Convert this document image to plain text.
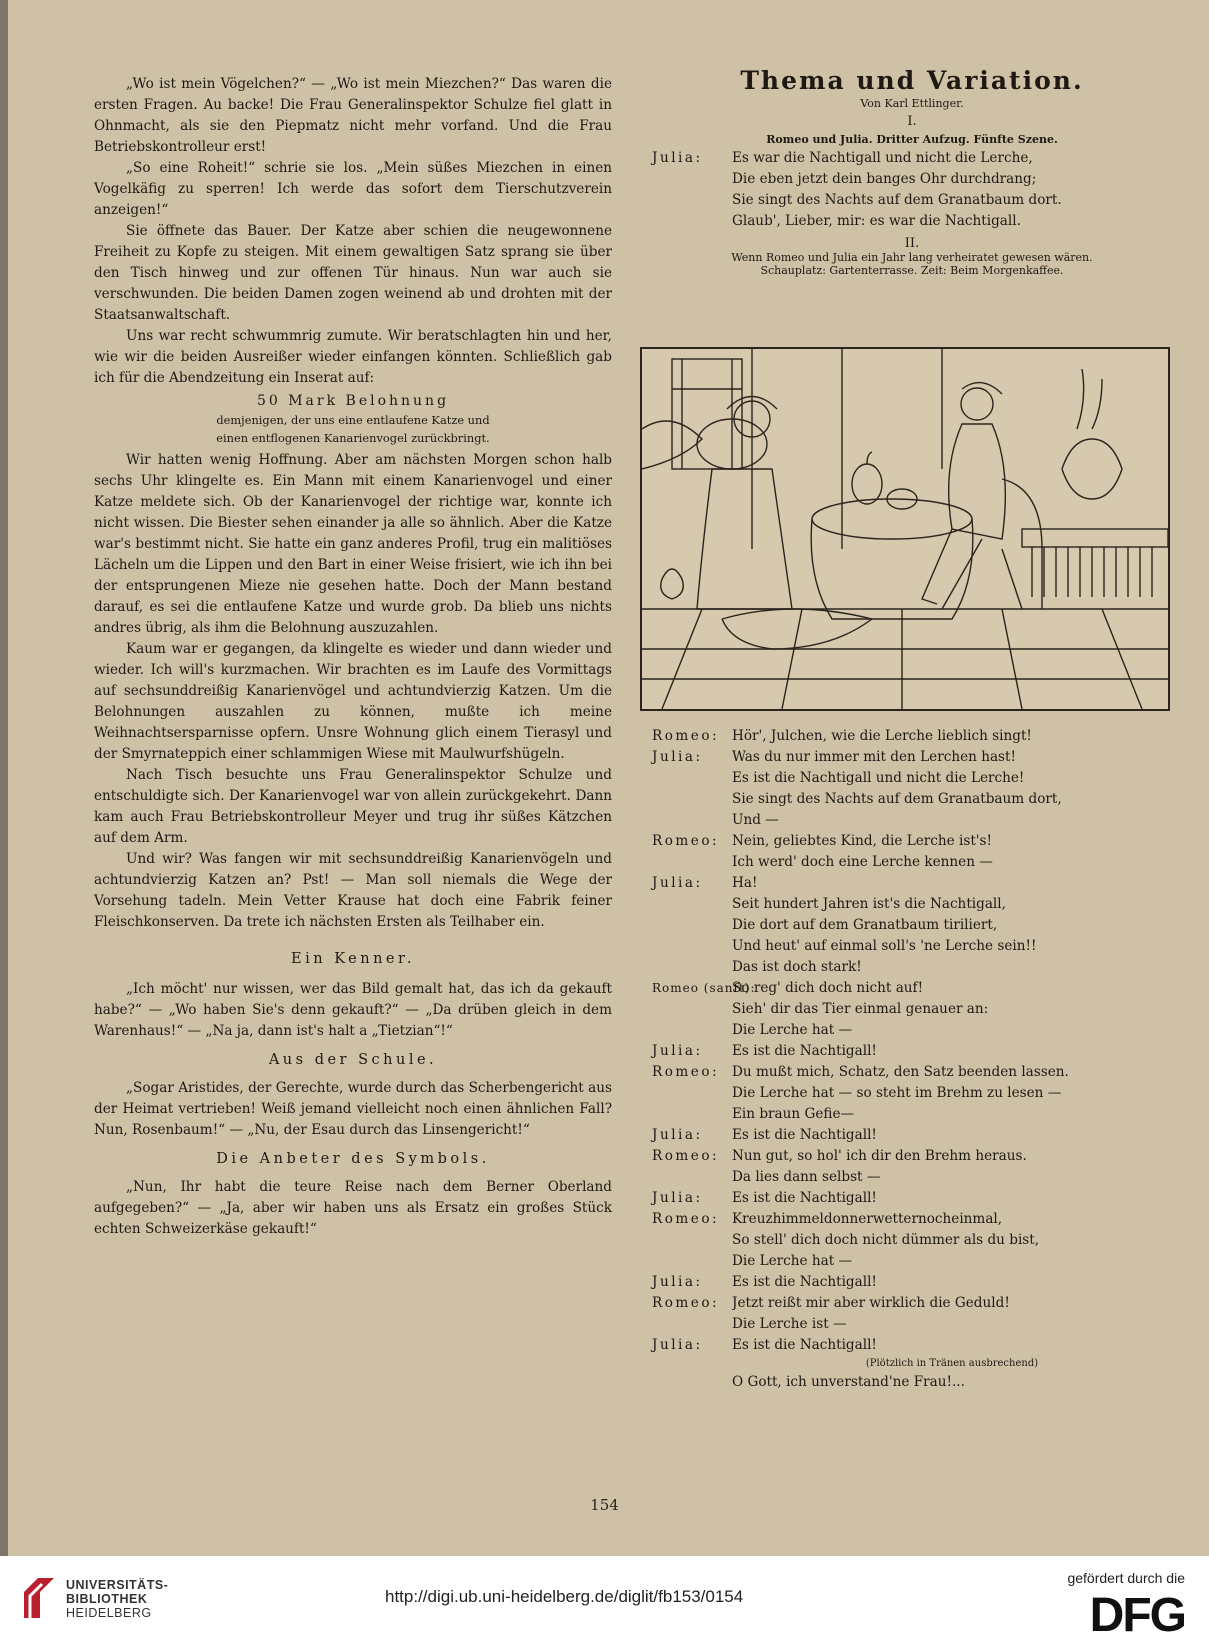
„Wo ist mein Vögelchen?“ — „Wo ist mein Miezchen?“ Das waren die ersten Fragen. Au backe! Die Frau Generalinspektor Schulze fiel glatt in Ohnmacht, als sie den Piepmatz nicht mehr vorfand. Und die Frau Betriebskontrolleur erst!

„So eine Roheit!“ schrie sie los. „Mein süßes Miezchen in einen Vogelkäfig zu sperren! Ich werde das sofort dem Tierschutzverein anzeigen!“

Sie öffnete das Bauer. Der Katze aber schien die neugewonnene Freiheit zu Kopfe zu steigen. Mit einem gewaltigen Satz sprang sie über den Tisch hinweg und zur offenen Tür hinaus. Nun war auch sie verschwunden. Die beiden Damen zogen weinend ab und drohten mit der Staatsanwaltschaft.

Uns war recht schwummrig zumute. Wir beratschlagten hin und her, wie wir die beiden Ausreißer wieder einfangen könnten. Schließlich gab ich für die Abendzeitung ein Inserat auf:

50 Mark Belohnung

demjenigen, der uns eine entlaufene Katze und

einen entflogenen Kanarienvogel zurückbringt.

Wir hatten wenig Hoffnung. Aber am nächsten Morgen schon halb sechs Uhr klingelte es. Ein Mann mit einem Kanarienvogel und einer Katze meldete sich. Ob der Kanarienvogel der richtige war, konnte ich nicht wissen. Die Biester sehen einander ja alle so ähnlich. Aber die Katze war's bestimmt nicht. Sie hatte ein ganz anderes Profil, trug ein malitiöses Lächeln um die Lippen und den Bart in einer Weise frisiert, wie ich ihn bei der entsprungenen Mieze nie gesehen hatte. Doch der Mann bestand darauf, es sei die entlaufene Katze und wurde grob. Da blieb uns nichts andres übrig, als ihm die Belohnung auszuzahlen.

Kaum war er gegangen, da klingelte es wieder und dann wieder und wieder. Ich will's kurzmachen. Wir brachten es im Laufe des Vormittags auf sechsunddreißig Kanarienvögel und achtundvierzig Katzen. Um die Belohnungen auszahlen zu können, mußte ich meine Weihnachtsersparnisse opfern. Unsre Wohnung glich einem Tierasyl und der Smyrnateppich einer schlammigen Wiese mit Maulwurfshügeln.

Nach Tisch besuchte uns Frau Generalinspektor Schulze und entschuldigte sich. Der Kanarienvogel war von allein zurückgekehrt. Dann kam auch Frau Betriebskontrolleur Meyer und trug ihr süßes Kätzchen auf dem Arm.

Und wir? Was fangen wir mit sechsunddreißig Kanarienvögeln und achtundvierzig Katzen an? Pst! — Man soll niemals die Wege der Vorsehung tadeln. Mein Vetter Krause hat doch eine Fabrik feiner Fleischkonserven. Da trete ich nächsten Ersten als Teilhaber ein.

Ein Kenner.

„Ich möcht' nur wissen, wer das Bild gemalt hat, das ich da gekauft habe?“ — „Wo haben Sie's denn gekauft?“ — „Da drüben gleich in dem Warenhaus!“ — „Na ja, dann ist's halt a „Tietzian“!“

Aus der Schule.

„Sogar Aristides, der Gerechte, wurde durch das Scherbengericht aus der Heimat vertrieben! Weiß jemand vielleicht noch einen ähnlichen Fall? Nun, Rosenbaum!“ — „Nu, der Esau durch das Linsengericht!“

Die Anbeter des Symbols.

„Nun, Ihr habt die teure Reise nach dem Berner Oberland aufgegeben?“ — „Ja, aber wir haben uns als Ersatz ein großes Stück echten Schweizerkäse gekauft!“

Thema und Variation.

Von Karl Ettlinger.

I.

Romeo und Julia. Dritter Aufzug. Fünfte Szene.

Julia:	Es war die Nachtigall und nicht die Lerche,
Die eben jetzt dein banges Ohr durchdrang;
Sie singt des Nachts auf dem Granatbaum dort.
Glaub', Lieber, mir: es war die Nachtigall.

II.

Wenn Romeo und Julia ein Jahr lang verheiratet gewesen wären.

Schauplatz: Gartenterrasse. Zeit: Beim Morgenkaffee.

Romeo: Hör', Julchen, wie die Lerche lieblich singt!
Julia:	Was du nur immer mit den Lerchen hast!
Es ist die Nachtigall und nicht die Lerche!
Sie singt des Nachts auf dem Granatbaum dort,
Und —
Romeo: Nein, geliebtes Kind, die Lerche ist's!
Ich werd' doch eine Lerche kennen —
Julia:	Ha!
Seit hundert Jahren ist's die Nachtigall,
Die dort auf dem Granatbaum tiriliert,
Und heut' auf einmal soll's 'ne Lerche sein!!
Das ist doch stark!
Romeo (sanft):
So reg' dich doch nicht auf!
Sieh' dir das Tier einmal genauer an:
Die Lerche hat —
Julia:	Es ist die Nachtigall!
Romeo: Du mußt mich, Schatz, den Satz beenden lassen.
Die Lerche hat — so steht im Brehm zu lesen —
Ein braun Gefie—
Julia:	Es ist die Nachtigall!
Romeo: Nun gut, so hol' ich dir den Brehm heraus.
Da lies dann selbst —
Julia:	Es ist die Nachtigall!
Romeo: Kreuzhimmeldonnerwetternocheinmal,
So stell' dich doch nicht dümmer als du bist,
Die Lerche hat —
Julia:	Es ist die Nachtigall!
Romeo: Jetzt reißt mir aber wirklich die Geduld!
Die Lerche ist —
Julia:	Es ist die Nachtigall!
(Plötzlich in Tränen ausbrechend)
O Gott, ich unverstand'ne Frau!...
154
UNIVERSITÄTS-
BIBLIOTHEK
HEIDELBERG
http://digi.ub.uni-heidelberg.de/diglit/fb153/0154
gefördert durch die
DFG
